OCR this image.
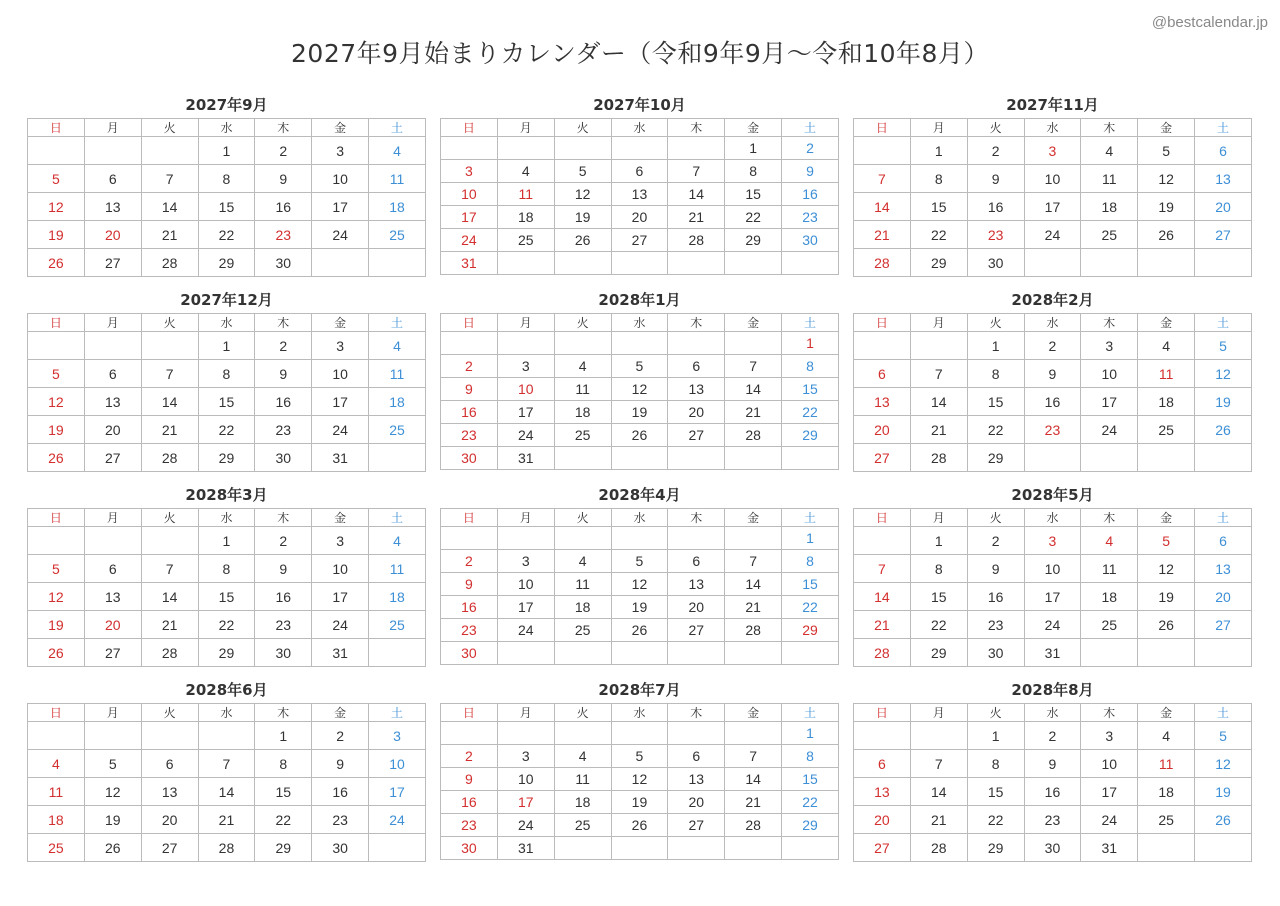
@bestcalendar.jp
2027年9月始まりカレンダー（令和9年9月～令和10年8月）
2027年9月
日	月	火	水	木	金	土
			1	2	3	4
5	6	7	8	9	10	11
12	13	14	15	16	17	18
19	20	21	22	23	24	25
26	27	28	29	30		
2027年10月
日	月	火	水	木	金	土
					1	2
3	4	5	6	7	8	9
10	11	12	13	14	15	16
17	18	19	20	21	22	23
24	25	26	27	28	29	30
31						
2027年11月
日	月	火	水	木	金	土
	1	2	3	4	5	6
7	8	9	10	11	12	13
14	15	16	17	18	19	20
21	22	23	24	25	26	27
28	29	30				
2027年12月
日	月	火	水	木	金	土
			1	2	3	4
5	6	7	8	9	10	11
12	13	14	15	16	17	18
19	20	21	22	23	24	25
26	27	28	29	30	31	
2028年1月
日	月	火	水	木	金	土
						1
2	3	4	5	6	7	8
9	10	11	12	13	14	15
16	17	18	19	20	21	22
23	24	25	26	27	28	29
30	31					
2028年2月
日	月	火	水	木	金	土
		1	2	3	4	5
6	7	8	9	10	11	12
13	14	15	16	17	18	19
20	21	22	23	24	25	26
27	28	29				
2028年3月
日	月	火	水	木	金	土
			1	2	3	4
5	6	7	8	9	10	11
12	13	14	15	16	17	18
19	20	21	22	23	24	25
26	27	28	29	30	31	
2028年4月
日	月	火	水	木	金	土
						1
2	3	4	5	6	7	8
9	10	11	12	13	14	15
16	17	18	19	20	21	22
23	24	25	26	27	28	29
30						
2028年5月
日	月	火	水	木	金	土
	1	2	3	4	5	6
7	8	9	10	11	12	13
14	15	16	17	18	19	20
21	22	23	24	25	26	27
28	29	30	31			
2028年6月
日	月	火	水	木	金	土
				1	2	3
4	5	6	7	8	9	10
11	12	13	14	15	16	17
18	19	20	21	22	23	24
25	26	27	28	29	30	
2028年7月
日	月	火	水	木	金	土
						1
2	3	4	5	6	7	8
9	10	11	12	13	14	15
16	17	18	19	20	21	22
23	24	25	26	27	28	29
30	31					
2028年8月
日	月	火	水	木	金	土
		1	2	3	4	5
6	7	8	9	10	11	12
13	14	15	16	17	18	19
20	21	22	23	24	25	26
27	28	29	30	31		
